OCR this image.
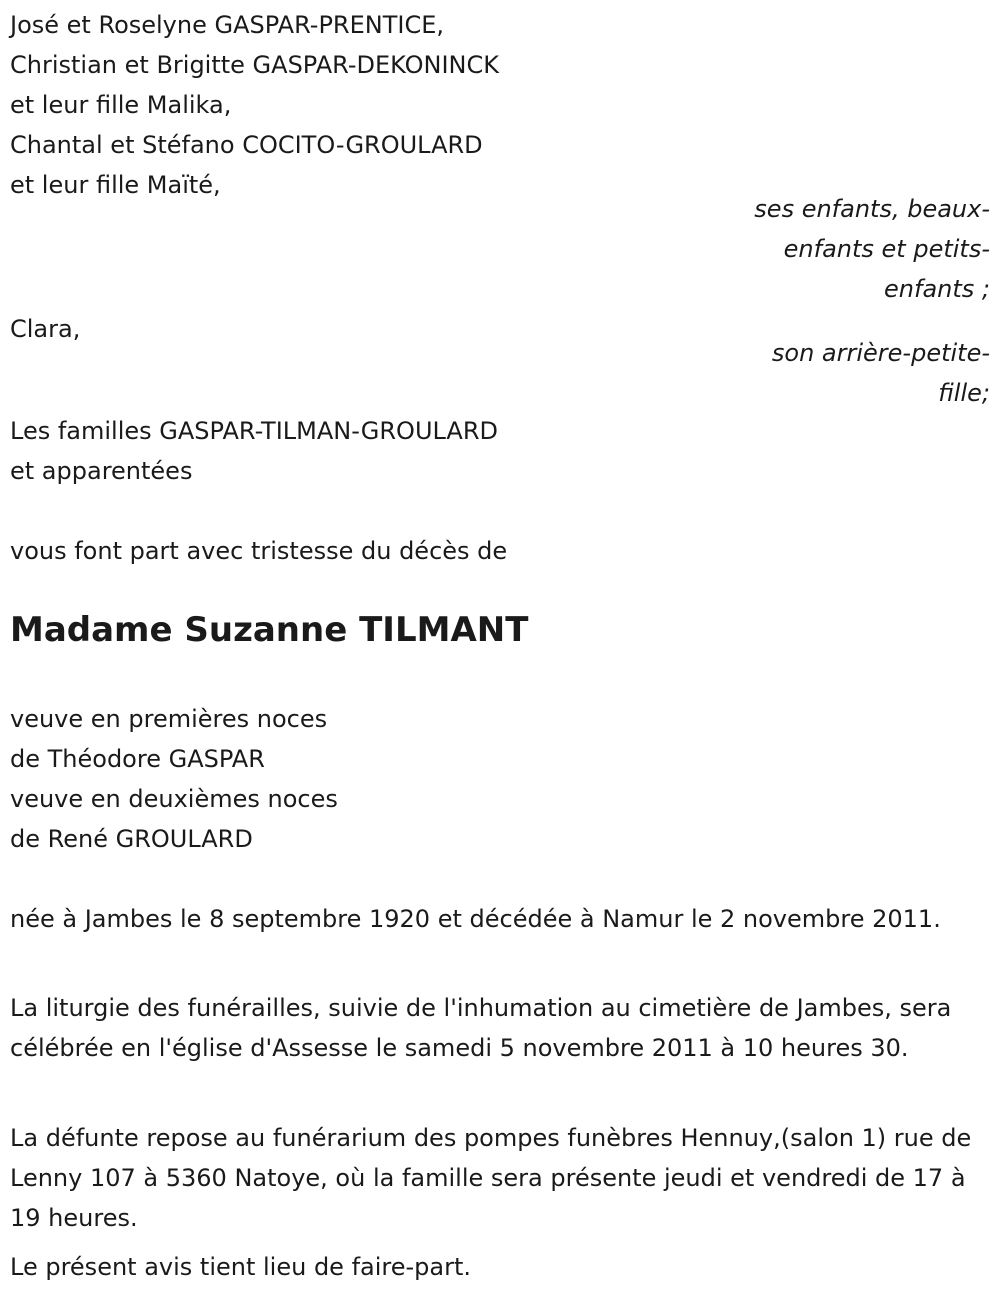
José et Roselyne GASPAR-PRENTICE,

Christian et Brigitte GASPAR-DEKONINCK

et leur fille Malika,

Chantal et Stéfano COCITO-GROULARD

et leur fille Maïté,

ses enfants, beaux-

enfants et petits-

enfants ;

Clara,

son arrière-petite-

fille;

Les familles GASPAR-TILMAN-GROULARD

et apparentées

vous font part avec tristesse du décès de

Madame Suzanne TILMANT

veuve en premières noces

de Théodore GASPAR

veuve en deuxièmes noces

de René GROULARD

née à Jambes le 8 septembre 1920 et décédée à Namur le 2 novembre 2011.

La liturgie des funérailles, suivie de l'inhumation au cimetière de Jambes, sera célébrée en l'église d'Assesse le samedi 5 novembre 2011 à 10 heures 30.

La défunte repose au funérarium des pompes funèbres Hennuy,(salon 1) rue de Lenny 107 à 5360 Natoye, où la famille sera présente jeudi et vendredi de 17 à 19 heures.

Le présent avis tient lieu de faire-part.
